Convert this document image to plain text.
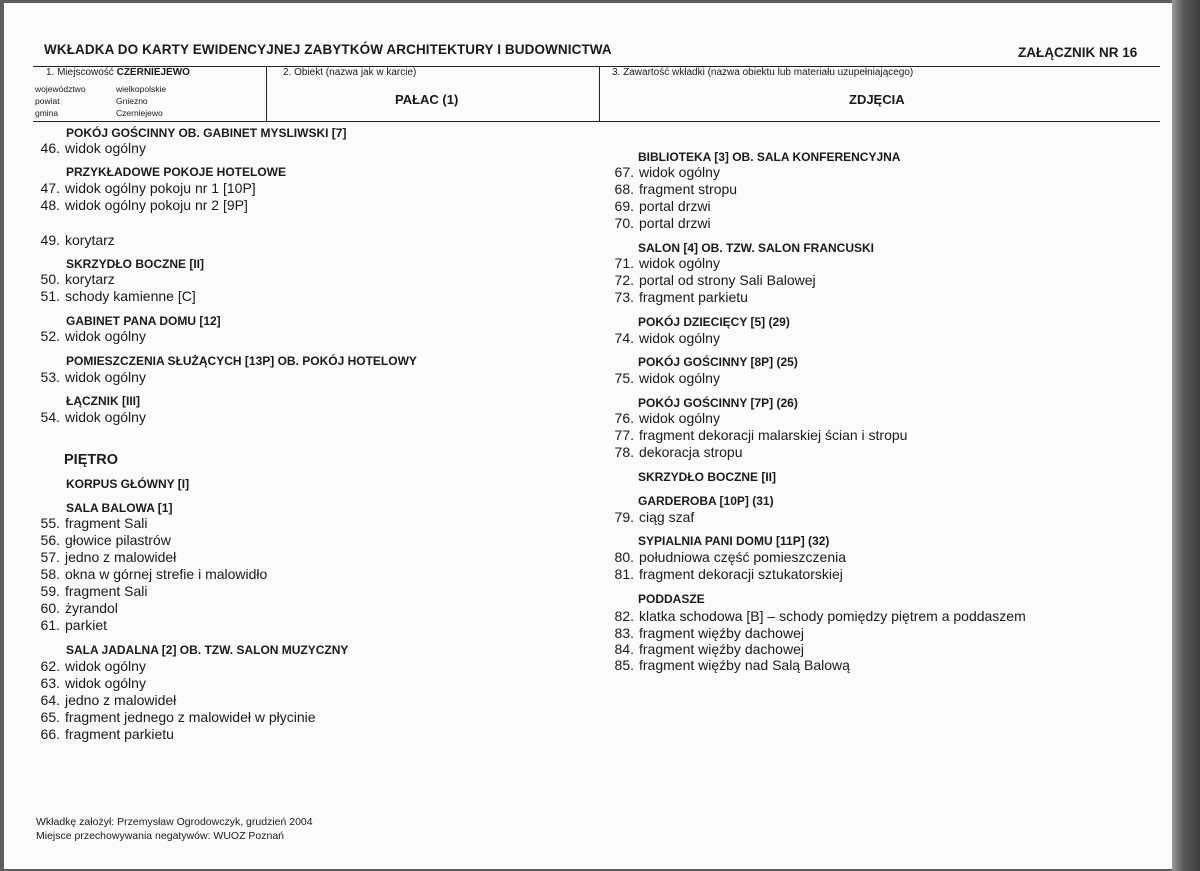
WKŁADKA DO KARTY EWIDENCYJNEJ ZABYTKÓW ARCHITEKTURY I BUDOWNICTWA	ZAŁĄCZNIK NR 16
1. Miejscowość CZERNIEJEWO
województwo	wielkopolskie
powiat	Gniezno
gmina	Czerniejewo
2. Obiekt (nazwa jak w karcie)
PAŁAC (1)
3. Zawartość wkładki (nazwa obiektu lub materiału uzupełniającego)
ZDJĘCIA
POKÓJ GOŚCINNY OB. GABINET MYSLIWSKI [7]
46. widok ogólny
PRZYKŁADOWE POKOJE HOTELOWE
47. widok ogólny pokoju nr 1 [10P]
48. widok ogólny pokoju nr 2 [9P]
49. korytarz
SKRZYDŁO BOCZNE [II]
50. korytarz
51. schody kamienne [C]
GABINET PANA DOMU [12]
52. widok ogólny
POMIESZCZENIA SŁUŻĄCYCH [13P] OB. POKÓJ HOTELOWY
53. widok ogólny
ŁĄCZNIK [III]
54. widok ogólny
PIĘTRO
KORPUS GŁÓWNY [I]
SALA BALOWA [1]
55. fragment Sali
56. głowice pilastrów
57. jedno z malowideł
58. okna w górnej strefie i malowidło
59. fragment Sali
60. żyrandol
61. parkiet
SALA JADALNA [2] OB. TZW. SALON MUZYCZNY
62. widok ogólny
63. widok ogólny
64. jedno z malowideł
65. fragment jednego z malowideł w płycinie
66. fragment parkietu
BIBLIOTEKA [3] OB. SALA KONFERENCYJNA
67. widok ogólny
68. fragment stropu
69. portal drzwi
70. portal drzwi
SALON [4] OB. TZW. SALON FRANCUSKI
71. widok ogólny
72. portal od strony Sali Balowej
73. fragment parkietu
POKÓJ DZIECIĘCY [5] (29)
74. widok ogólny
POKÓJ GOŚCINNY [8P] (25)
75. widok ogólny
POKÓJ GOŚCINNY [7P] (26)
76. widok ogólny
77. fragment dekoracji malarskiej ścian i stropu
78. dekoracja stropu
SKRZYDŁO BOCZNE [II]
GARDEROBA [10P] (31)
79. ciąg szaf
SYPIALNIA PANI DOMU [11P] (32)
80. południowa część pomieszczenia
81. fragment dekoracji sztukatorskiej
PODDASZE
82. klatka schodowa [B] – schody pomiędzy piętrem a poddaszem
83. fragment więźby dachowej
84. fragment więźby dachowej
85. fragment więźby nad Salą Balową
Wkładkę założył: Przemysław Ogrodowczyk, grudzień 2004
Miejsce przechowywania negatywów: WUOZ Poznań
